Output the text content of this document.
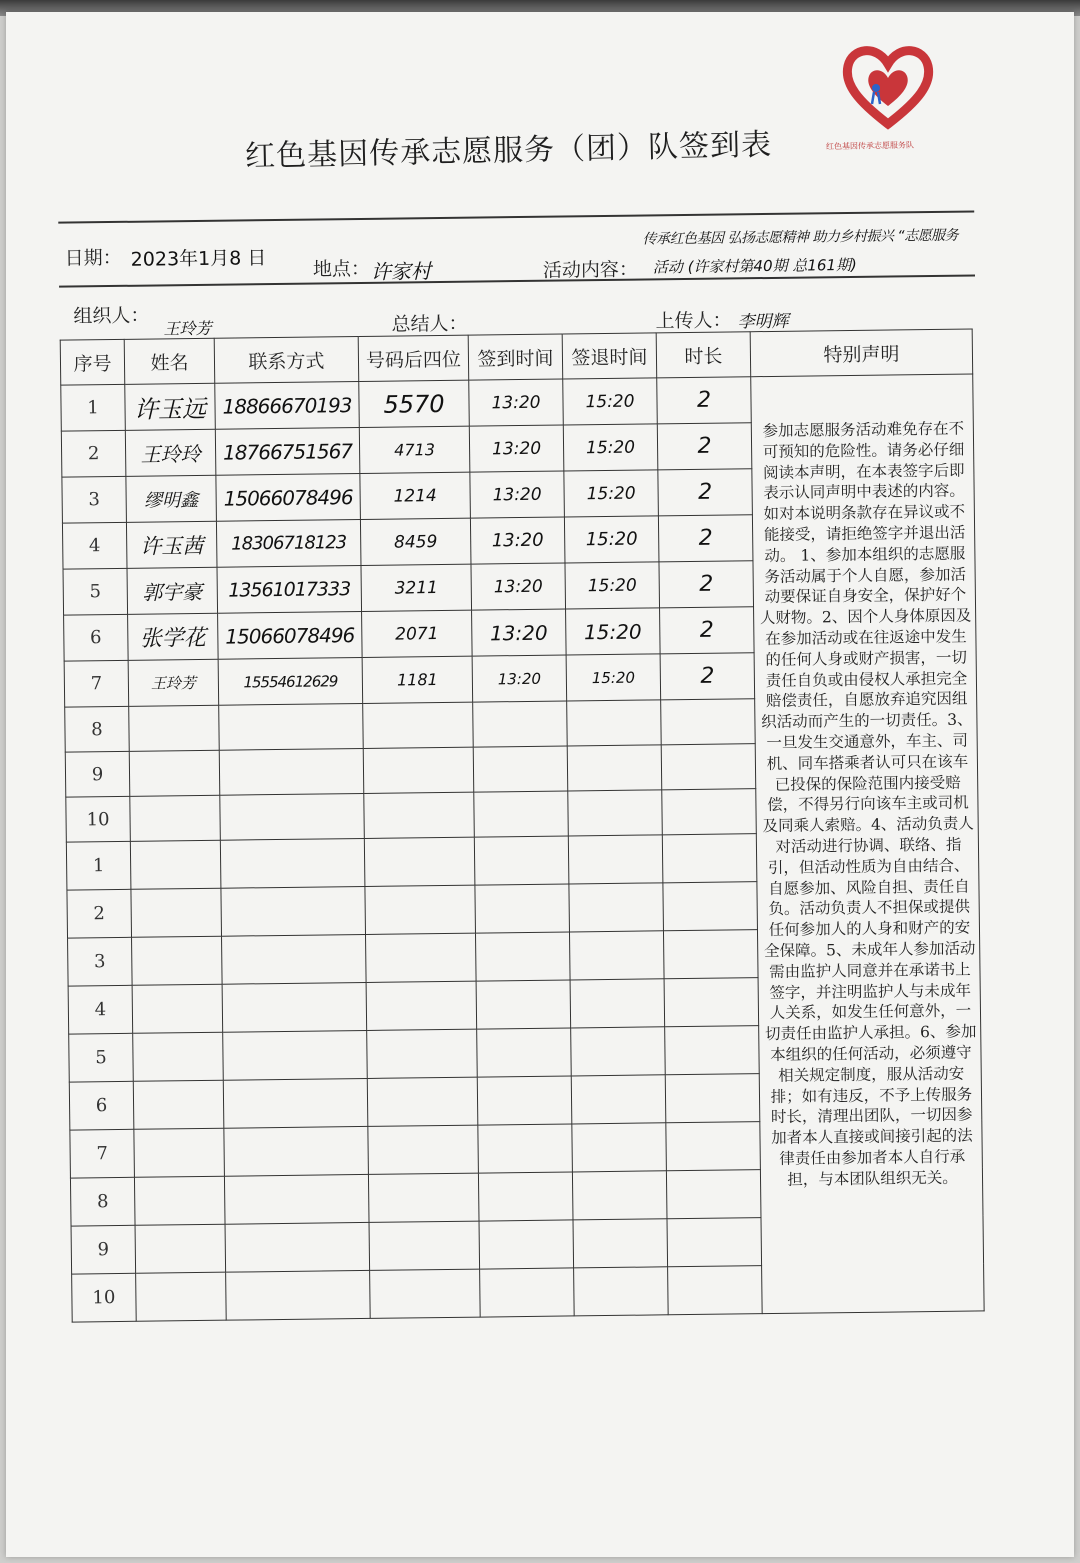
红色基因传承志愿服务（团）队签到表	红色基因传承志愿服务队
日期： 2023年1月8 日 地点： 许家村	活动内容：
传承红色基因 弘扬志愿精神 助力乡村振兴 “志愿服务
活动 (许家村第40期 总161期)
组织人：
王玲芳	总结人：	上传人： 李明辉
序号	姓名	联系方式	号码后四位	签到时间	签退时间	时长	特别声明
1	许玉远	18866670193	5570	13:20	15:20	2	参加志愿服务活动难免存在不可预知的危险性。请务必仔细阅读本声明，在本表签字后即表示认同声明中表述的内容。如对本说明条款存在异议或不能接受，请拒绝签字并退出活动。 1、参加本组织的志愿服务活动属于个人自愿，参加活动要保证自身安全，保护好个人财物。2、因个人身体原因及在参加活动或在往返途中发生的任何人身或财产损害，一切责任自负或由侵权人承担完全赔偿责任，自愿放弃追究因组织活动而产生的一切责任。3、一旦发生交通意外，车主、司机、同车搭乘者认可只在该车已投保的保险范围内接受赔偿，不得另行向该车主或司机及同乘人索赔。4、活动负责人对活动进行协调、联络、指引，但活动性质为自由结合、自愿参加、风险自担、责任自负。活动负责人不担保或提供任何参加人的人身和财产的安全保障。5、未成年人参加活动需由监护人同意并在承诺书上签字，并注明监护人与未成年人关系，如发生任何意外，一切责任由监护人承担。6、参加本组织的任何活动，必须遵守相关规定制度，服从活动安排；如有违反，不予上传服务时长，清理出团队，一切因参加者本人直接或间接引起的法律责任由参加者本人自行承担，与本团队组织无关。
2	王玲玲	18766751567	4713	13:20	15:20	2	
3	缪明鑫	15066078496	1214	13:20	15:20	2	
4	许玉茜	18306718123	8459	13:20	15:20	2	
5	郭宇豪	13561017333	3211	13:20	15:20	2	
6	张学花	15066078496	2071	13:20	15:20	2	
7	王玲芳	15554612629	1181	13:20	15:20	2	
8							
9							
10							
1							
2							
3							
4							
5							
6							
7							
8							
9							
10							
